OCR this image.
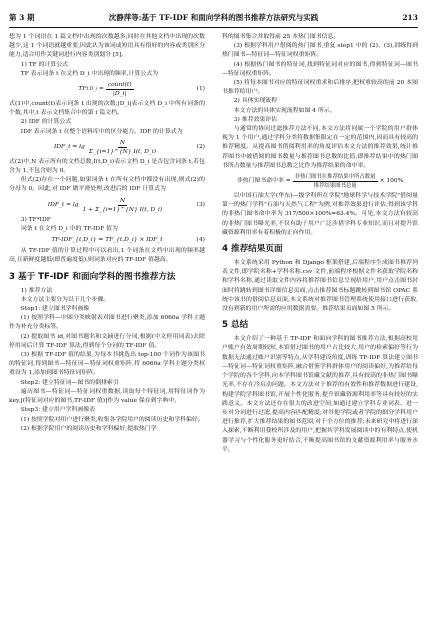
第 3 期	沈静萍等:基于 TF-IDF 和面向学科的图书推荐方法研究与实践	213

想为 1 个词语在 1 篇文档中出现的次数越多,同时在其他文档中出现的次数越少,这 1 个词语就越重要,因此认为该词或短语具有很好的内容或类别区分能力,适合用作关键词进行内容类别划分 [5]。

1) TF 的计算公式

TF 表示词条 t 在文档 D_i 中出现的频率,计算公式为

TF t,D_i = $\frac{\text{count(t)}}{|D\_i|}$	(1)

式(1)中,count(t)表示词条 t 出现的次数;|D_i|表示文档 D_i 中所有词条的个数,其中,t 表示文档集合中的第 i 篇文档。

2) IDF 的计算公式

IDF 表示词条 t 在整个语料库中的区分能力。IDF 的计算式为

IDF_t = $\lg \frac{N}{\Sigma\_\{i=1\}\^{}\{N\} I(t, D\_i)}$	(2)

式(2)中,N 表示所有的文档总数,I(t,D_i)表示文档 D_i 是否包含词条 t,若包含为 1,不包含则为 0。

但式(2)存在一个问题,如果词条 t 在所有文档中都没有出现,则式(2)的分母为 0。因此,对 IDF 做平滑处理,改进后的 IDF 计算式为

IDF_t = $\lg \frac{N}{1 + \Sigma\_\{i=1\}\^{}\{N\} I(t, D\_i)}$	(3)

3) TF*IDF

词条 t 在文档 D_i 中的 TF-IDF 值为

TF-IDF_{t,D_i} = TF_{t,D_i} × IDF_t	(4)

从 TF-IDF 值的计算过程中可以看出,1 个词条在文档中出现的频率越高,且新鲜度越低(即普遍度低),则词条对应的 TF-IDF 值越高。

3 基于 TF-IDF 和面向学科的图书推荐方法

1) 推荐方法

本文方法主要分为以下几个步骤。

Step1: 建立图书学科画像

(1) 按照学科—中图分类映射表对图书进行聚类,添加 6060a 学科主题作为补充分类标签。

(2) 提取图书 id,对图书题名和文摘进行分词,根据(中文停用词表)去除停用词后计算 TF-IDF 算法,得到每个分词的 TF-IDF 值。

(3) 根据 TF-IDF 值的结果,为每本书挑选出 top-100 个词作为该图书的特征词,得到图书—特征词—特征词权重矩阵,将 6060a 学科主题分类权重设为 1,添加到图书特征词矩阵。

Step2: 建立特征词—图书的倒排索引

遍历图书—特征词—特征词权重数据,读取每个特征词,用特征词作为 key,[(特征词对应的图书,TF-IDF 值)]作为 value 保存到字典中。

Step3: 建立用户学科画像表

(1) 按照学院对用户进行聚类,收集各学院用户的阅读历史和学科偏好。

(2) 根据学院用户的阅读历史和学科偏好,提取热门学

科的图书集合并取得前 25 本热门图书信息。

(3) 根据学科用户借阅的热门图书,重复 step1 中的 (2)、(3),训练得到热门图书—特征词—特征词权重矩阵。

(4) 根据热门图书的特征词,找到特征词对应的图书,得到特征词—图书—特征词权重矩阵。

(5) 将每本图书对应的特征词权重求和后排序,把权重较高的前 20 本图书推荐给用户。

2) 具体实现流程

本文方法的具体实现流程如图 4 所示。

3) 推荐效果评估

与通常的协同过滤推荐方法不同,本文方法将同属一个学院的用户群体视为 1 个用户,通过学科分类将数据集限定在一定的范围内,因而具有较高的推荐精度。从提高图书借阅利用率的角度评估本文方法的推荐效果,统计推荐图书中被借阅的图书数量与推荐图书总数的比值,即推荐结果中的热门图书所占数量与推荐图书总数之比作为推荐结果的命中率。

非热门图书命中率 = $\frac{\text{非热门图书在推荐结果中所占数量}}{\text{推荐结果图书总量}} \times 100\%$

以中国石油大学(华东)—级学科所在学院"地球科学与技术学院"借阅量第一的热门学科"石油与天然气工程"为例,对推荐效果进行评估,得到该学科的非热门图书命中率为 317/500×100%=63.4%。可见,本文方法有较高的非热门图书曝光率,不仅有助于用户广泛涉猎学科专业知识,而且对提升馆藏资源利用率有着积极的正向作用。

4 推荐结果页面

本文系统采用 Python 和 Django 框架搭建,后端程序生成图书推荐列表文件,即学院名称+学科名称.csv 文件,前端程序根据文件名获取学院名称和学科名称,通过读取文件内容将推荐图书信息呈现给用户,用户点击图书封面时将跳转到图书详细信息页面,点击推荐图书标题跳转到图书馆 OPAC 系统中该书的借阅信息页面,本文系统对推荐图书管理系统使用接口进行获取,没有到新的用户所需的应用数据需要。推荐结果页面如图 5 所示。

5 总结

本文介绍了一种基于 TF-IDF 和面向学科的图书推荐方法,根据高校用户账户有效周期较短,本馆借过图书的用户占比较大,用户的检索偏好等行为数据无法通过账户识别等特点,从学科建设角度,训练 TF-IDF 算法建立图书—特征词—特征词权重矩阵,融合借鉴学科群体用户的阅读偏好,为推荐给每个学院的各个学科,向本学科图书馆藏文献的推荐,具有较高的非热门图书曝光率,不存在冷启动问题。本文方法对于推荐的有效性和推荐数据进行建设,构建学院学科图书馆,开展个性化服务,提升馆藏资源利用率等具有较好的实践意义。本文方法还存在很大的改进空间,如通过建立学科专业词表、进一步对分词进行过滤,提高内容匹配精度;对其他学院或者学院的细分学科用户进行推荐,扩大推荐结果的图书范围,对于全方位的推荐;未来研究中将进行深入探索,不断利用我校所涉及的用户,把握其学科发展阅读中的有利特点,使机器学习与个性化服务更好结合,不断提高图书馆的文献资源利用率与服务水平。
